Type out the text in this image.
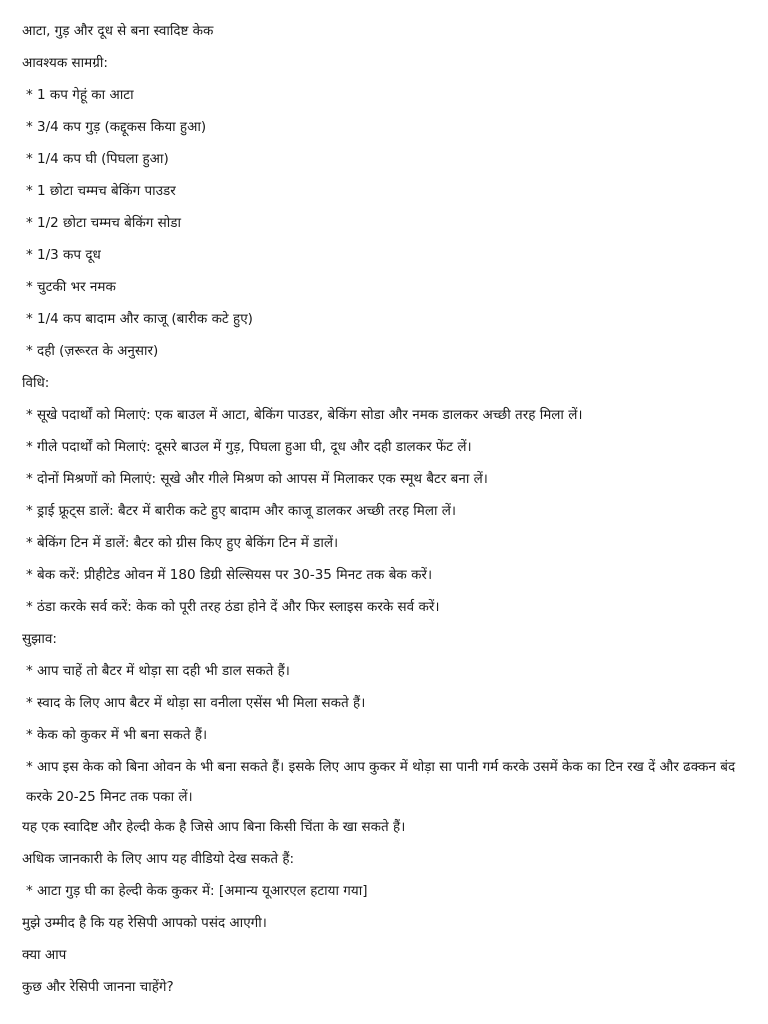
आटा, गुड़ और दूध से बना स्वादिष्ट केक
आवश्यक सामग्री:
* 1 कप गेहूं का आटा
* 3/4 कप गुड़ (कद्दूकस किया हुआ)
* 1/4 कप घी (पिघला हुआ)
* 1 छोटा चम्मच बेकिंग पाउडर
* 1/2 छोटा चम्मच बेकिंग सोडा
* 1/3 कप दूध
* चुटकी भर नमक
* 1/4 कप बादाम और काजू (बारीक कटे हुए)
* दही (ज़रूरत के अनुसार)
विधि:
* सूखे पदार्थों को मिलाएं: एक बाउल में आटा, बेकिंग पाउडर, बेकिंग सोडा और नमक डालकर अच्छी तरह मिला लें।
* गीले पदार्थों को मिलाएं: दूसरे बाउल में गुड़, पिघला हुआ घी, दूध और दही डालकर फेंट लें।
* दोनों मिश्रणों को मिलाएं: सूखे और गीले मिश्रण को आपस में मिलाकर एक स्मूथ बैटर बना लें।
* ड्राई फ्रूट्स डालें: बैटर में बारीक कटे हुए बादाम और काजू डालकर अच्छी तरह मिला लें।
* बेकिंग टिन में डालें: बैटर को ग्रीस किए हुए बेकिंग टिन में डालें।
* बेक करें: प्रीहीटेड ओवन में 180 डिग्री सेल्सियस पर 30-35 मिनट तक बेक करें।
* ठंडा करके सर्व करें: केक को पूरी तरह ठंडा होने दें और फिर स्लाइस करके सर्व करें।
सुझाव:
* आप चाहें तो बैटर में थोड़ा सा दही भी डाल सकते हैं।
* स्वाद के लिए आप बैटर में थोड़ा सा वनीला एसेंस भी मिला सकते हैं।
* केक को कुकर में भी बना सकते हैं।
* आप इस केक को बिना ओवन के भी बना सकते हैं। इसके लिए आप कुकर में थोड़ा सा पानी गर्म करके उसमें केक का टिन रख दें और ढक्कन बंद करके 20-25 मिनट तक पका लें।
यह एक स्वादिष्ट और हेल्दी केक है जिसे आप बिना किसी चिंता के खा सकते हैं।
अधिक जानकारी के लिए आप यह वीडियो देख सकते हैं:
* आटा गुड़ घी का हेल्दी केक कुकर में: [अमान्य यूआरएल हटाया गया]
मुझे उम्मीद है कि यह रेसिपी आपको पसंद आएगी।
क्या आप
कुछ और रेसिपी जानना चाहेंगे?
